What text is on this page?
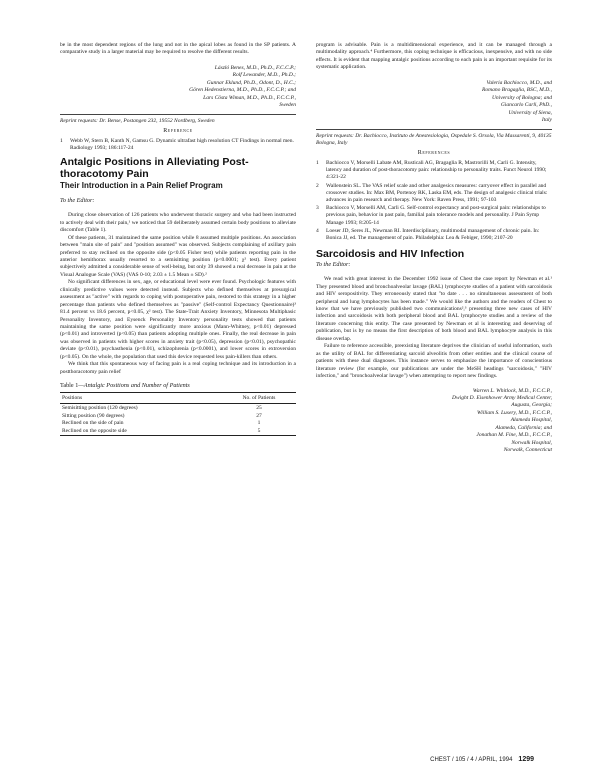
be in the most dependent regions of the lung and not in the apical lobes as found in the SP patients. A comparative study in a larger material may be required to resolve the different results.

László Benes, M.D., Ph.D., F.C.C.P.;
Rolf Lewander, M.D., Ph.D.;
Gunnar Eklund, Ph.D., Odont, D., H.C.;
Gören Hedenstierna, M.D., Ph.D., F.C.C.P.; and
Lars Cösta Wiman, M.D., Ph.D., F.C.C.P.,
Sweden
Reprint requests: Dr. Bense, Postangen 232, 19552 Nordberg, Sweden
Reference
1	Webb W, Stern B, Kanth N, Gamsu G. Dynamic ultrafast high resolution CT Findings in normal men. Radiology 1993; 186:117-24
Antalgic Positions in Alleviating Post-thoracotomy Pain
Their Introduction in a Pain Relief Program
To the Editor:

During close observation of 126 patients who underwent thoracic surgery and who had been instructed to actively deal with their pain,¹ we noticed that 59 deliberately assumed certain body positions to alleviate discomfort (Table 1).

Of these patients, 31 maintained the same position while 8 assumed multiple positions. An association between "main site of pain" and "position assumed" was observed. Subjects complaining of axillary pain preferred to stay reclined on the opposite side (p<0.05 Fisher test) while patients reporting pain in the anterior hemithorax usually resorted to a semisitting position (p<0.0001; χ² test). Every patient subjectively admitted a considerable sense of well-being, but only 39 showed a real decrease in pain at the Visual Analogue Scale (VAS) (VAS 0-10; 2.03 ± 1.5 Mean ± SD).²

No significant differences in sex, age, or educational level were ever found. Psychologic features with clinically predictive values were detected instead. Subjects who defined themselves at presurgical assessment as "active" with regards to coping with postoperative pain, restored to this strategy in a higher percentage than patients who defined themselves as "passive" (Self-control Expectancy Questionnaire)³ 81.4 percent vs 18.6 percent, p<0.05, χ² test). The State-Trait Anxiety Inventory, Minnesota Multiphasic Personality Inventory, and Eysenck Personality Inventory personality tests showed that patients maintaining the same position were significantly more anxious (Mann-Whitney, p<0.01) depressed (p<0.01) and introverted (p<0.05) than patients adopting multiple ones. Finally, the real decrease in pain was observed in patients with higher scores in anxiety trait (p<0.05), depression (p<0.01), psychopathic deviate (p<0.01), psychasthenia (p<0.01), schizophrenia (p<0.0001), and lower scores in extroversion (p<0.05). On the whole, the population that used this device requested less pain-killers than others.

We think that this spontaneous way of facing pain is a real coping technique and its introduction in a postthoracotomy pain relief

Table 1—Antalgic Positions and Number of Patients
Positions	No. of Patients
Semisitting position (120 degrees)	25
Sitting position (90 degrees)	27
Reclined on the side of pain	1
Reclined on the opposite side	5

program is advisable. Pain is a multidimensional experience, and it can be managed through a multimodality approach.⁴ Furthermore, this coping technique is efficacious, inexpensive, and with no side effects. It is evident that mapping antalgic positions according to each pain is an important requisite for its systematic application.

Valeria Bachiocco, M.D., and
Romano Bragaglia, BSC, M.D.,
University of Bologna; and
Giancarlo Carli, PhD.,
University of Siena,
Italy
Reprint requests: Dr. Bachiocco, Instituto de Anestesiologia, Ospedale S. Orsola, Via Massarenti, 9, 40135 Bologna, Italy
References
1	Bachiocco V, Morselli Labate AM, Rusticali AG, Bragaglia R, Mastrorilli M, Carli G. Intensity, latency and duration of post-thoracotomy pain: relationship to personality traits. Funct Neurol 1990; 4:321-22
2	Wallenstein SL. The VAS relief scale and other analgesics measures: carryover effect in parallel and crossover studies. In: Max BM, Portenoy RK, Laska EM, eds. The design of analgesic clinical trials: advances in pain research and therapy. New York: Raven Press, 1991; 97-103
3	Bachiocco V, Morselli AM, Carli G. Self-control expectancy and post-surgical pain: relationships to previous pain, behavior in past pain, familial pain tolerance models and personality. J Pain Symp Manage 1993; 8:205-14
4	Loeser JD, Seres JL, Newman RI. Interdisciplinary, multimodal management of chronic pain. In: Bonica JJ, ed. The management of pain. Philadelphia: Lea & Febiger, 1990; 2107-20
Sarcoidosis and HIV Infection
To the Editor:

We read with great interest in the December 1992 issue of Chest the case report by Newman et al.¹ They presented blood and bronchoalveolar lavage (BAL) lymphocyte studies of a patient with sarcoidosis and HIV seropositivity. They erroneously stated that "to date . . . no simultaneous assessment of both peripheral and lung lymphocytes has been made." We would like the authors and the readers of Chest to know that we have previously published two communications²,³ presenting three new cases of HIV infection and sarcoidosis with both peripheral blood and BAL lymphocyte studies and a review of the literature concerning this entity. The case presented by Newman et al is interesting and deserving of publication, but is by no means the first description of both blood and BAL lymphocyte analysis in this disease overlap.

Failure to reference accessible, preexisting literature deprives the clinician of useful information, such as the utility of BAL for differentiating sarcoid alveolitis from other entities and the clinical course of patients with these dual diagnoses. This instance serves to emphasize the importance of conscientious literature review (for example, our publications are under the MeSH headings "sarcoidosis," "HIV infection," and "bronchoalveolar lavage") when attempting to report new findings.

Warren L. Whitlock, M.D., F.C.C.P.,
Dwight D. Eisenhower Army Medical Center,
Augusta, Georgia;
William S. Lusery, M.D., F.C.C.P.,
Alameda Hospital,
Alameda, California; and
Jonathan M. Fine, M.D., F.C.C.P.,
Norwalk Hospital,
Norwalk, Connecticut
CHEST / 105 / 4 / APRIL, 1994 1299
